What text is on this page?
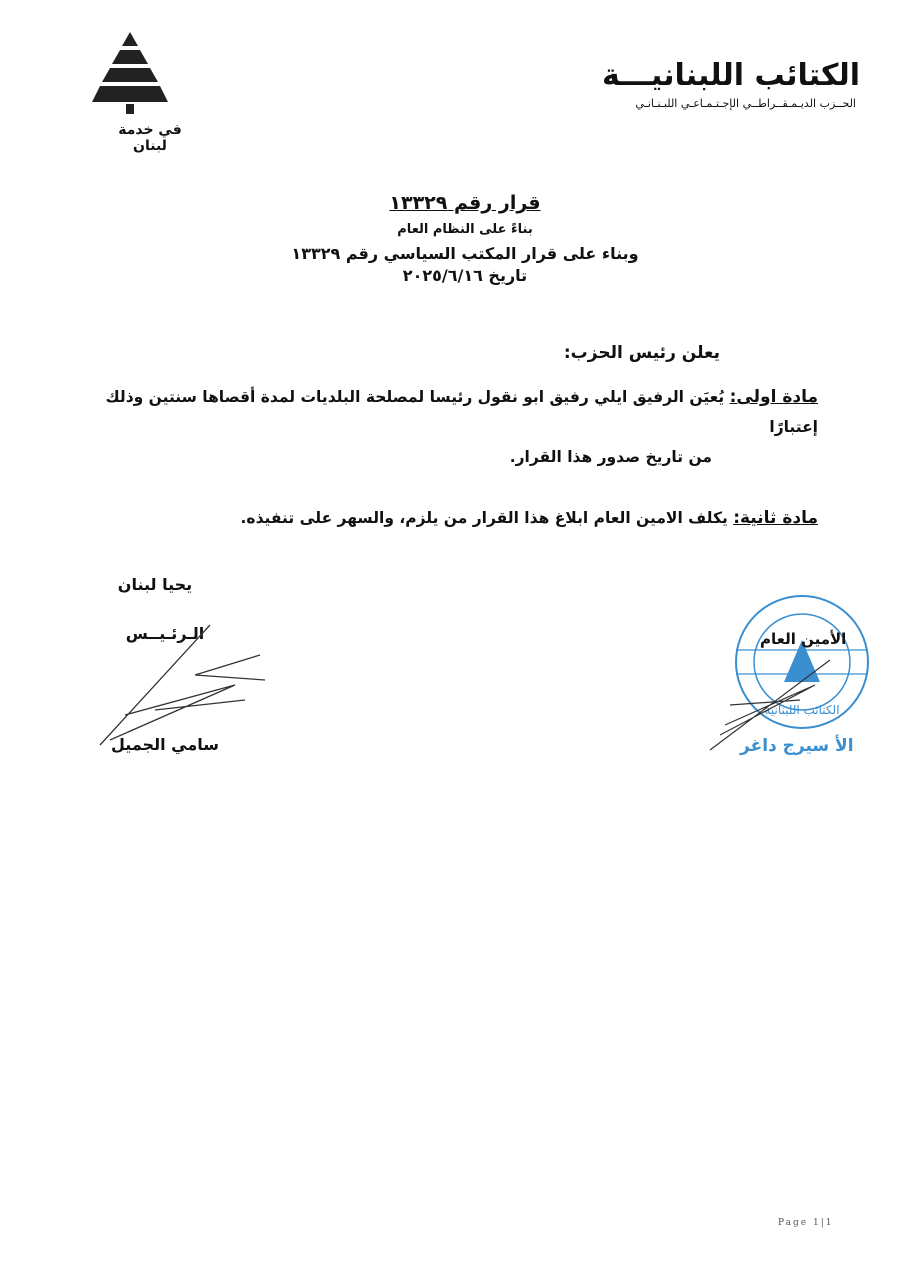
في خدمة لبنان
الكتائب اللبنانيـــة
الحــزب الديـمـقــراطــي الإجـتـمـاعـي اللبـنـانـي
قرار رقم ١٣٣٢٩
بناءً على النظام العام
وبناء على قرار المكتب السياسي رقم ١٣٣٢٩
تاريخ ٢٠٢٥/٦/١٦
يعلن رئيس الحزب:
مادة اولى: يُعيَن الرفيق ايلي رفيق ابو نقول رئيسا لمصلحة البلديات لمدة أقصاها سنتين وذلك إعتبارًا
من تاريخ صدور هذا القرار.
مادة ثانية: يكلف الامين العام ابلاغ هذا القرار من يلزم، والسهر على تنفيذه.
يحيا لبنان
الـرئـيــس
سامي الجميل
الكتائب اللبنانية
الأمين العام
الأ سيرج داغر
Page 1|1
